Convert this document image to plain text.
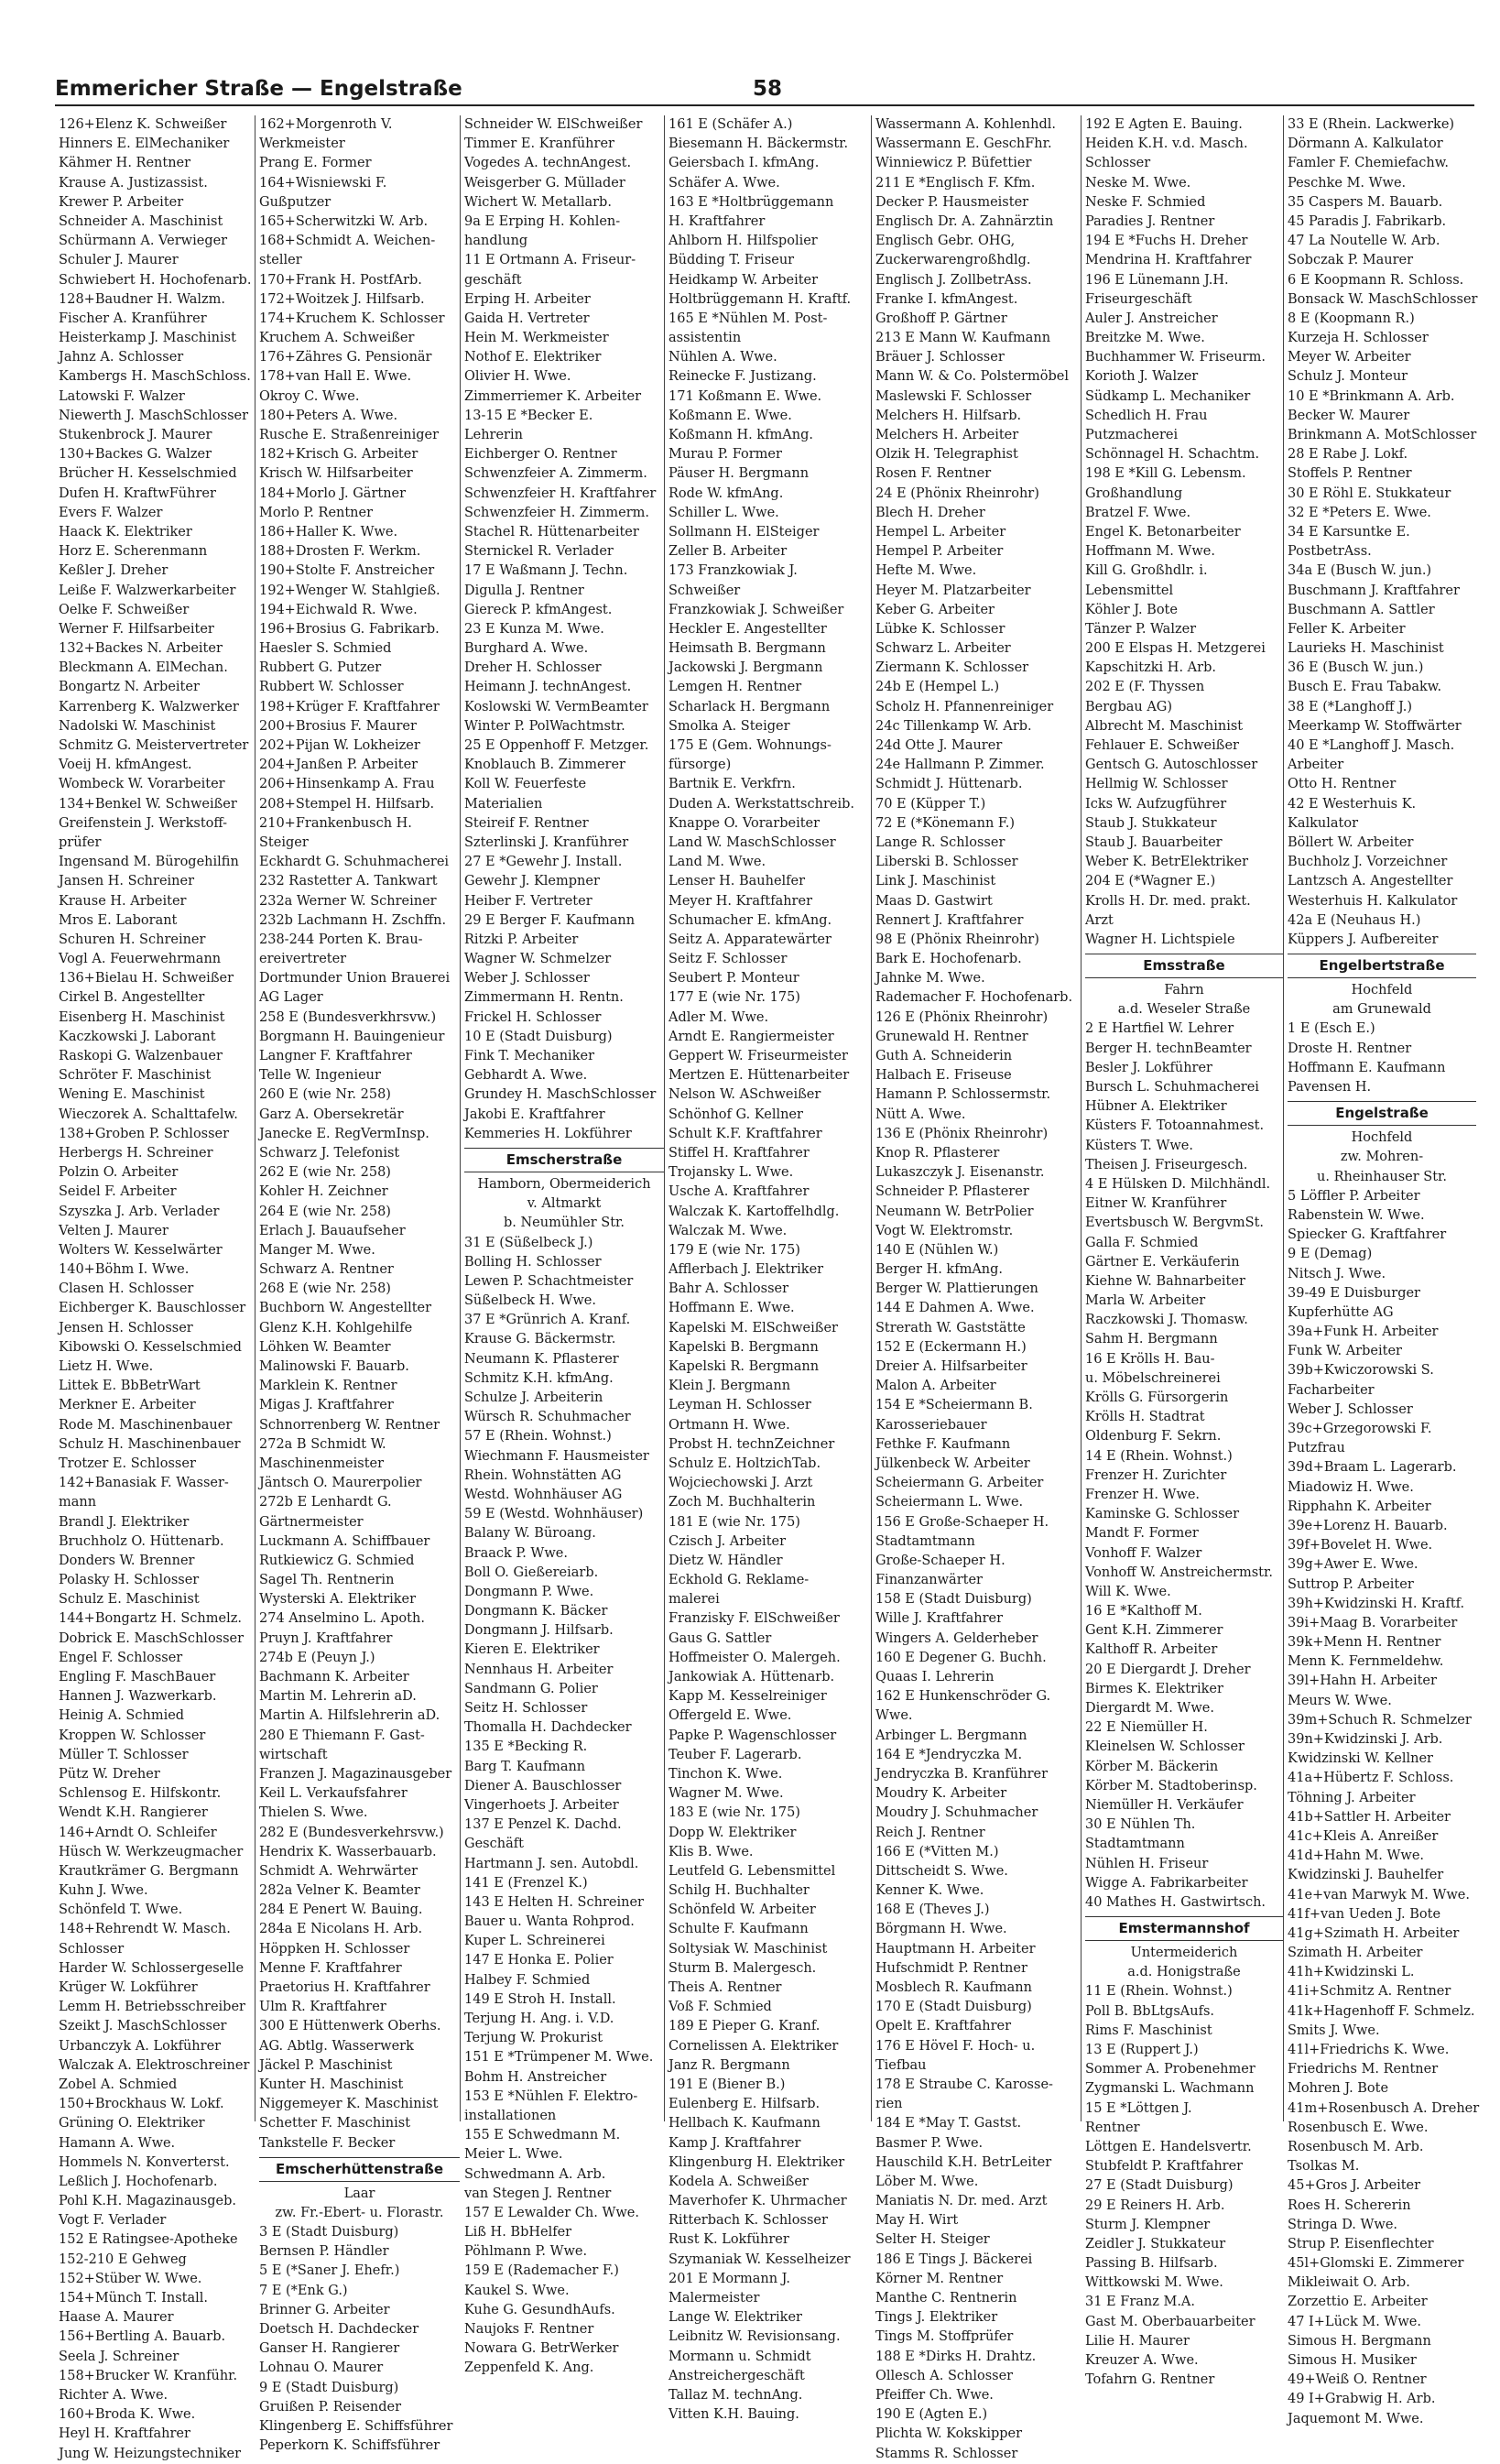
Emmericher Straße — Engelstraße	58
126+Elenz K. Schweißer
Hinners E. ElMechaniker
Kähmer H. Rentner
Krause A. Justizassist.
Krewer P. Arbeiter
Schneider A. Maschinist
Schürmann A. Verwieger
Schuler J. Maurer
Schwiebert H. Hochofenarb.
128+Baudner H. Walzm.
Fischer A. Kranführer
Heisterkamp J. Maschinist
Jahnz A. Schlosser
Kambergs H. MaschSchloss.
Latowski F. Walzer
Niewerth J. MaschSchlosser
Stukenbrock J. Maurer
130+Backes G. Walzer
Brücher H. Kesselschmied
Dufen H. KraftwFührer
Evers F. Walzer
Haack K. Elektriker
Horz E. Scherenmann
Keßler J. Dreher
Leiße F. Walzwerkarbeiter
Oelke F. Schweißer
Werner F. Hilfsarbeiter
132+Backes N. Arbeiter
Bleckmann A. ElMechan.
Bongartz N. Arbeiter
Karrenberg K. Walzwerker
Nadolski W. Maschinist
Schmitz G. Meistervertreter
Voeij H. kfmAngest.
Wombeck W. Vorarbeiter
134+Benkel W. Schweißer
Greifenstein J. Werkstoff-
prüfer
Ingensand M. Bürogehilfin
Jansen H. Schreiner
Krause H. Arbeiter
Mros E. Laborant
Schuren H. Schreiner
Vogl A. Feuerwehrmann
136+Bielau H. Schweißer
Cirkel B. Angestellter
Eisenberg H. Maschinist
Kaczkowski J. Laborant
Raskopi G. Walzenbauer
Schröter F. Maschinist
Wening E. Maschinist
Wieczorek A. Schalttafelw.
138+Groben P. Schlosser
Herbergs H. Schreiner
Polzin O. Arbeiter
Seidel F. Arbeiter
Szyszka J. Arb. Verlader
Velten J. Maurer
Wolters W. Kesselwärter
140+Böhm I. Wwe.
Clasen H. Schlosser
Eichberger K. Bauschlosser
Jensen H. Schlosser
Kibowski O. Kesselschmied
Lietz H. Wwe.
Littek E. BbBetrWart
Merkner E. Arbeiter
Rode M. Maschinenbauer
Schulz H. Maschinenbauer
Trotzer E. Schlosser
142+Banasiak F. Wasser-
mann
Brandl J. Elektriker
Bruchholz O. Hüttenarb.
Donders W. Brenner
Polasky H. Schlosser
Schulz E. Maschinist
144+Bongartz H. Schmelz.
Dobrick E. MaschSchlosser
Engel F. Schlosser
Engling F. MaschBauer
Hannen J. Wazwerkarb.
Heinig A. Schmied
Kroppen W. Schlosser
Müller T. Schlosser
Pütz W. Dreher
Schlensog E. Hilfskontr.
Wendt K.H. Rangierer
146+Arndt O. Schleifer
Hüsch W. Werkzeugmacher
Krautkrämer G. Bergmann
Kuhn J. Wwe.
Schönfeld T. Wwe.
148+Rehrendt W. Masch.
Schlosser
Harder W. Schlossergeselle
Krüger W. Lokführer
Lemm H. Betriebsschreiber
Szeikt J. MaschSchlosser
Urbanczyk A. Lokführer
Walczak A. Elektroschreiner
Zobel A. Schmied
150+Brockhaus W. Lokf.
Grüning O. Elektriker
Hamann A. Wwe.
Hommels N. Konverterst.
Leßlich J. Hochofenarb.
Pohl K.H. Magazinausgeb.
Vogt F. Verlader
152 E Ratingsee-Apotheke
152-210 E Gehweg
152+Stüber W. Wwe.
154+Münch T. Install.
Haase A. Maurer
156+Bertling A. Bauarb.
Seela J. Schreiner
158+Brucker W. Kranführ.
Richter A. Wwe.
160+Broda K. Wwe.
Heyl H. Kraftfahrer
Jung W. Heizungstechniker
162+Morgenroth V.
Werkmeister
Prang E. Former
164+Wisniewski F.
Gußputzer
165+Scherwitzki W. Arb.
168+Schmidt A. Weichen-
steller
170+Frank H. PostfArb.
172+Woitzek J. Hilfsarb.
174+Kruchem K. Schlosser
Kruchem A. Schweißer
176+Zähres G. Pensionär
178+van Hall E. Wwe.
Okroy C. Wwe.
180+Peters A. Wwe.
Rusche E. Straßenreiniger
182+Krisch G. Arbeiter
Krisch W. Hilfsarbeiter
184+Morlo J. Gärtner
Morlo P. Rentner
186+Haller K. Wwe.
188+Drosten F. Werkm.
190+Stolte F. Anstreicher
192+Wenger W. Stahlgieß.
194+Eichwald R. Wwe.
196+Brosius G. Fabrikarb.
Haesler S. Schmied
Rubbert G. Putzer
Rubbert W. Schlosser
198+Krüger F. Kraftfahrer
200+Brosius F. Maurer
202+Pijan W. Lokheizer
204+Janßen P. Arbeiter
206+Hinsenkamp A. Frau
208+Stempel H. Hilfsarb.
210+Frankenbusch H.
Steiger
Eckhardt G. Schuhmacherei
232 Rastetter A. Tankwart
232a Werner W. Schreiner
232b Lachmann H. Zschffn.
238-244 Porten K. Brau-
ereivertreter
Dortmunder Union Brauerei
AG Lager
258 E (Bundesverkhrsvw.)
Borgmann H. Bauingenieur
Langner F. Kraftfahrer
Telle W. Ingenieur
260 E (wie Nr. 258)
Garz A. Obersekretär
Janecke E. RegVermInsp.
Schwarz J. Telefonist
262 E (wie Nr. 258)
Kohler H. Zeichner
264 E (wie Nr. 258)
Erlach J. Bauaufseher
Manger M. Wwe.
Schwarz A. Rentner
268 E (wie Nr. 258)
Buchborn W. Angestellter
Glenz K.H. Kohlgehilfe
Löhken W. Beamter
Malinowski F. Bauarb.
Marklein K. Rentner
Migas J. Kraftfahrer
Schnorrenberg W. Rentner
272a B Schmidt W.
Maschinenmeister
Jäntsch O. Maurerpolier
272b E Lenhardt G.
Gärtnermeister
Luckmann A. Schiffbauer
Rutkiewicz G. Schmied
Sagel Th. Rentnerin
Wysterski A. Elektriker
274 Anselmino L. Apoth.
Pruyn J. Kraftfahrer
274b E (Peuyn J.)
Bachmann K. Arbeiter
Martin M. Lehrerin aD.
Martin A. Hilfslehrerin aD.
280 E Thiemann F. Gast-
wirtschaft
Franzen J. Magazinausgeber
Keil L. Verkaufsfahrer
Thielen S. Wwe.
282 E (Bundesverkehrsvw.)
Hendrix K. Wasserbauarb.
Schmidt A. Wehrwärter
282a Velner K. Beamter
284 E Penert W. Bauing.
284a E Nicolans H. Arb.
Höppken H. Schlosser
Menne F. Kraftfahrer
Praetorius H. Kraftfahrer
Ulm R. Kraftfahrer
300 E Hüttenwerk Oberhs.
AG. Abtlg. Wasserwerk
Jäckel P. Maschinist
Kunter H. Maschinist
Niggemeyer K. Maschinist
Schetter F. Maschinist
Tankstelle F. Becker
Emscherhüttenstraße
Laar
zw. Fr.-Ebert- u. Florastr.
3 E (Stadt Duisburg)
Bernsen P. Händler
5 E (*Saner J. Ehefr.)
7 E (*Enk G.)
Brinner G. Arbeiter
Doetsch H. Dachdecker
Ganser H. Rangierer
Lohnau O. Maurer
9 E (Stadt Duisburg)
Gruißen P. Reisender
Klingenberg E. Schiffsführer
Peperkorn K. Schiffsführer
Schneider W. ElSchweißer
Timmer E. Kranführer
Vogedes A. technAngest.
Weisgerber G. Müllader
Wichert W. Metallarb.
9a E Erping H. Kohlen-
handlung
11 E Ortmann A. Friseur-
geschäft
Erping H. Arbeiter
Gaida H. Vertreter
Hein M. Werkmeister
Nothof E. Elektriker
Olivier H. Wwe.
Zimmerriemer K. Arbeiter
13-15 E *Becker E.
Lehrerin
Eichberger O. Rentner
Schwenzfeier A. Zimmerm.
Schwenzfeier H. Kraftfahrer
Schwenzfeier H. Zimmerm.
Stachel R. Hüttenarbeiter
Sternickel R. Verlader
17 E Waßmann J. Techn.
Digulla J. Rentner
Giereck P. kfmAngest.
23 E Kunza M. Wwe.
Burghard A. Wwe.
Dreher H. Schlosser
Heimann J. technAngest.
Koslowski W. VermBeamter
Winter P. PolWachtmstr.
25 E Oppenhoff F. Metzger.
Knoblauch B. Zimmerer
Koll W. Feuerfeste
Materialien
Steireif F. Rentner
Szterlinski J. Kranführer
27 E *Gewehr J. Install.
Gewehr J. Klempner
Heiber F. Vertreter
29 E Berger F. Kaufmann
Ritzki P. Arbeiter
Wagner W. Schmelzer
Weber J. Schlosser
Zimmermann H. Rentn.
Frickel H. Schlosser
10 E (Stadt Duisburg)
Fink T. Mechaniker
Gebhardt A. Wwe.
Grundey H. MaschSchlosser
Jakobi E. Kraftfahrer
Kemmeries H. Lokführer
Emscherstraße
Hamborn, Obermeiderich
v. Altmarkt
b. Neumühler Str.
31 E (Süßelbeck J.)
Bolling H. Schlosser
Lewen P. Schachtmeister
Süßelbeck H. Wwe.
37 E *Grünrich A. Kranf.
Krause G. Bäckermstr.
Neumann K. Pflasterer
Schmitz K.H. kfmAng.
Schulze J. Arbeiterin
Würsch R. Schuhmacher
57 E (Rhein. Wohnst.)
Wiechmann F. Hausmeister
Rhein. Wohnstätten AG
Westd. Wohnhäuser AG
59 E (Westd. Wohnhäuser)
Balany W. Büroang.
Braack P. Wwe.
Boll O. Gießereiarb.
Dongmann P. Wwe.
Dongmann K. Bäcker
Dongmann J. Hilfsarb.
Kieren E. Elektriker
Nennhaus H. Arbeiter
Sandmann G. Polier
Seitz H. Schlosser
Thomalla H. Dachdecker
135 E *Becking R.
Barg T. Kaufmann
Diener A. Bauschlosser
Vingerhoets J. Arbeiter
137 E Penzel K. Dachd.
Geschäft
Hartmann J. sen. Autobdl.
141 E (Frenzel K.)
143 E Helten H. Schreiner
Bauer u. Wanta Rohprod.
Kuper L. Schreinerei
147 E Honka E. Polier
Halbey F. Schmied
149 E Stroh H. Install.
Terjung H. Ang. i. V.D.
Terjung W. Prokurist
151 E *Trümpener M. Wwe.
Bohm H. Anstreicher
153 E *Nühlen F. Elektro-
installationen
155 E Schwedmann M.
Meier L. Wwe.
Schwedmann A. Arb.
van Stegen J. Rentner
157 E Lewalder Ch. Wwe.
Liß H. BbHelfer
Pöhlmann P. Wwe.
159 E (Rademacher F.)
Kaukel S. Wwe.
Kuhe G. GesundhAufs.
Naujoks F. Rentner
Nowara G. BetrWerker
Zeppenfeld K. Ang.
161 E (Schäfer A.)
Biesemann H. Bäckermstr.
Geiersbach I. kfmAng.
Schäfer A. Wwe.
163 E *Holtbrüggemann
H. Kraftfahrer
Ahlborn H. Hilfspolier
Büdding T. Friseur
Heidkamp W. Arbeiter
Holtbrüggemann H. Kraftf.
165 E *Nühlen M. Post-
assistentin
Nühlen A. Wwe.
Reinecke F. Justizang.
171 Koßmann E. Wwe.
Koßmann E. Wwe.
Koßmann H. kfmAng.
Murau P. Former
Päuser H. Bergmann
Rode W. kfmAng.
Schiller L. Wwe.
Sollmann H. ElSteiger
Zeller B. Arbeiter
173 Franzkowiak J.
Schweißer
Franzkowiak J. Schweißer
Heckler E. Angestellter
Heimsath B. Bergmann
Jackowski J. Bergmann
Lemgen H. Rentner
Scharlack H. Bergmann
Smolka A. Steiger
175 E (Gem. Wohnungs-
fürsorge)
Bartnik E. Verkfrn.
Duden A. Werkstattschreib.
Knappe O. Vorarbeiter
Land W. MaschSchlosser
Land M. Wwe.
Lenser H. Bauhelfer
Meyer H. Kraftfahrer
Schumacher E. kfmAng.
Seitz A. Apparatewärter
Seitz F. Schlosser
Seubert P. Monteur
177 E (wie Nr. 175)
Adler M. Wwe.
Arndt E. Rangiermeister
Geppert W. Friseurmeister
Mertzen E. Hüttenarbeiter
Nelson W. ASchweißer
Schönhof G. Kellner
Schult K.F. Kraftfahrer
Stiffel H. Kraftfahrer
Trojansky L. Wwe.
Usche A. Kraftfahrer
Walczak K. Kartoffelhdlg.
Walczak M. Wwe.
179 E (wie Nr. 175)
Afflerbach J. Elektriker
Bahr A. Schlosser
Hoffmann E. Wwe.
Kapelski M. ElSchweißer
Kapelski B. Bergmann
Kapelski R. Bergmann
Klein J. Bergmann
Leyman H. Schlosser
Ortmann H. Wwe.
Probst H. technZeichner
Schulz E. HoltzichTab.
Wojciechowski J. Arzt
Zoch M. Buchhalterin
181 E (wie Nr. 175)
Czisch J. Arbeiter
Dietz W. Händler
Eckhold G. Reklame-
malerei
Franzisky F. ElSchweißer
Gaus G. Sattler
Hoffmeister O. Malergeh.
Jankowiak A. Hüttenarb.
Kapp M. Kesselreiniger
Offergeld E. Wwe.
Papke P. Wagenschlosser
Teuber F. Lagerarb.
Tinchon K. Wwe.
Wagner M. Wwe.
183 E (wie Nr. 175)
Dopp W. Elektriker
Klis B. Wwe.
Leutfeld G. Lebensmittel
Schilg H. Buchhalter
Schönfeld W. Arbeiter
Schulte F. Kaufmann
Soltysiak W. Maschinist
Sturm B. Malergesch.
Theis A. Rentner
Voß F. Schmied
189 E Pieper G. Kranf.
Cornelissen A. Elektriker
Janz R. Bergmann
191 E (Biener B.)
Eulenberg E. Hilfsarb.
Hellbach K. Kaufmann
Kamp J. Kraftfahrer
Klingenburg H. Elektriker
Kodela A. Schweißer
Maverhofer K. Uhrmacher
Ritterbach K. Schlosser
Rust K. Lokführer
Szymaniak W. Kesselheizer
201 E Mormann J.
Malermeister
Lange W. Elektriker
Leibnitz W. Revisionsang.
Mormann u. Schmidt
Anstreichergeschäft
Tallaz M. technAng.
Vitten K.H. Bauing.
Wassermann A. Kohlenhdl.
Wassermann E. GeschFhr.
Winniewicz P. Büfettier
211 E *Englisch F. Kfm.
Decker P. Hausmeister
Englisch Dr. A. Zahnärztin
Englisch Gebr. OHG,
Zuckerwarengroßhdlg.
Englisch J. ZollbetrAss.
Franke I. kfmAngest.
Großhoff P. Gärtner
213 E Mann W. Kaufmann
Bräuer J. Schlosser
Mann W. & Co. Polstermöbel
Maslewski F. Schlosser
Melchers H. Hilfsarb.
Melchers H. Arbeiter
Olzik H. Telegraphist
Rosen F. Rentner
24 E (Phönix Rheinrohr)
Blech H. Dreher
Hempel L. Arbeiter
Hempel P. Arbeiter
Hefte M. Wwe.
Heyer M. Platzarbeiter
Keber G. Arbeiter
Lübke K. Schlosser
Schwarz L. Arbeiter
Ziermann K. Schlosser
24b E (Hempel L.)
Scholz H. Pfannenreiniger
24c Tillenkamp W. Arb.
24d Otte J. Maurer
24e Hallmann P. Zimmer.
Schmidt J. Hüttenarb.
70 E (Küpper T.)
72 E (*Könemann F.)
Lange R. Schlosser
Liberski B. Schlosser
Link J. Maschinist
Maas D. Gastwirt
Rennert J. Kraftfahrer
98 E (Phönix Rheinrohr)
Bark E. Hochofenarb.
Jahnke M. Wwe.
Rademacher F. Hochofenarb.
126 E (Phönix Rheinrohr)
Grunewald H. Rentner
Guth A. Schneiderin
Halbach E. Friseuse
Hamann P. Schlossermstr.
Nütt A. Wwe.
136 E (Phönix Rheinrohr)
Knop R. Pflasterer
Lukaszczyk J. Eisenanstr.
Schneider P. Pflasterer
Neumann W. BetrPolier
Vogt W. Elektromstr.
140 E (Nühlen W.)
Berger H. kfmAng.
Berger W. Plattierungen
144 E Dahmen A. Wwe.
Strerath W. Gaststätte
152 E (Eckermann H.)
Dreier A. Hilfsarbeiter
Malon A. Arbeiter
154 E *Scheiermann B.
Karosseriebauer
Fethke F. Kaufmann
Jülkenbeck W. Arbeiter
Scheiermann G. Arbeiter
Scheiermann L. Wwe.
156 E Große-Schaeper H.
Stadtamtmann
Große-Schaeper H.
Finanzanwärter
158 E (Stadt Duisburg)
Wille J. Kraftfahrer
Wingers A. Gelderheber
160 E Degener G. Buchh.
Quaas I. Lehrerin
162 E Hunkenschröder G.
Wwe.
Arbinger L. Bergmann
164 E *Jendryczka M.
Jendryczka B. Kranführer
Moudry K. Arbeiter
Moudry J. Schuhmacher
Reich J. Rentner
166 E (*Vitten M.)
Dittscheidt S. Wwe.
Kenner K. Wwe.
168 E (Theves J.)
Börgmann H. Wwe.
Hauptmann H. Arbeiter
Hufschmidt P. Rentner
Mosblech R. Kaufmann
170 E (Stadt Duisburg)
Opelt E. Kraftfahrer
176 E Hövel F. Hoch- u.
Tiefbau
178 E Straube C. Karosse-
rien
184 E *May T. Gastst.
Basmer P. Wwe.
Hauschild K.H. BetrLeiter
Löber M. Wwe.
Maniatis N. Dr. med. Arzt
May H. Wirt
Selter H. Steiger
186 E Tings J. Bäckerei
Körner M. Rentner
Manthe C. Rentnerin
Tings J. Elektriker
Tings M. Stoffprüfer
188 E *Dirks H. Drahtz.
Ollesch A. Schlosser
Pfeiffer Ch. Wwe.
190 E (Agten E.)
Plichta W. Kokskipper
Stamms R. Schlosser
192 E Agten E. Bauing.
Heiden K.H. v.d. Masch.
Schlosser
Neske M. Wwe.
Neske F. Schmied
Paradies J. Rentner
194 E *Fuchs H. Dreher
Mendrina H. Kraftfahrer
196 E Lünemann J.H.
Friseurgeschäft
Auler J. Anstreicher
Breitzke M. Wwe.
Buchhammer W. Friseurm.
Korioth J. Walzer
Südkamp L. Mechaniker
Schedlich H. Frau
Putzmacherei
Schönnagel H. Schachtm.
198 E *Kill G. Lebensm.
Großhandlung
Bratzel F. Wwe.
Engel K. Betonarbeiter
Hoffmann M. Wwe.
Kill G. Großhdlr. i.
Lebensmittel
Köhler J. Bote
Tänzer P. Walzer
200 E Elspas H. Metzgerei
Kapschitzki H. Arb.
202 E (F. Thyssen
Bergbau AG)
Albrecht M. Maschinist
Fehlauer E. Schweißer
Gentsch G. Autoschlosser
Hellmig W. Schlosser
Icks W. Aufzugführer
Staub J. Stukkateur
Staub J. Bauarbeiter
Weber K. BetrElektriker
204 E (*Wagner E.)
Krolls H. Dr. med. prakt.
Arzt
Wagner H. Lichtspiele
Emsstraße
Fahrn
a.d. Weseler Straße
2 E Hartfiel W. Lehrer
Berger H. technBeamter
Besler J. Lokführer
Bursch L. Schuhmacherei
Hübner A. Elektriker
Küsters F. Totoannahmest.
Küsters T. Wwe.
Theisen J. Friseurgesch.
4 E Hülsken D. Milchhändl.
Eitner W. Kranführer
Evertsbusch W. BergvmSt.
Galla F. Schmied
Gärtner E. Verkäuferin
Kiehne W. Bahnarbeiter
Marla W. Arbeiter
Raczkowski J. Thomasw.
Sahm H. Bergmann
16 E Krölls H. Bau-
u. Möbelschreinerei
Krölls G. Fürsorgerin
Krölls H. Stadtrat
Oldenburg F. Sekrn.
14 E (Rhein. Wohnst.)
Frenzer H. Zurichter
Frenzer H. Wwe.
Kaminske G. Schlosser
Mandt F. Former
Vonhoff F. Walzer
Vonhoff W. Anstreichermstr.
Will K. Wwe.
16 E *Kalthoff M.
Gent K.H. Zimmerer
Kalthoff R. Arbeiter
20 E Diergardt J. Dreher
Birmes K. Elektriker
Diergardt M. Wwe.
22 E Niemüller H.
Kleinelsen W. Schlosser
Körber M. Bäckerin
Körber M. Stadtoberinsp.
Niemüller H. Verkäufer
30 E Nühlen Th.
Stadtamtmann
Nühlen H. Friseur
Wigge A. Fabrikarbeiter
40 Mathes H. Gastwirtsch.
Emstermannshof
Untermeiderich
a.d. Honigstraße
11 E (Rhein. Wohnst.)
Poll B. BbLtgsAufs.
Rims F. Maschinist
13 E (Ruppert J.)
Sommer A. Probenehmer
Zygmanski L. Wachmann
15 E *Löttgen J.
Rentner
Löttgen E. Handelsvertr.
Stubfeldt P. Kraftfahrer
27 E (Stadt Duisburg)
29 E Reiners H. Arb.
Sturm J. Klempner
Zeidler J. Stukkateur
Passing B. Hilfsarb.
Wittkowski M. Wwe.
31 E Franz M.A.
Gast M. Oberbauarbeiter
Lilie H. Maurer
Kreuzer A. Wwe.
Tofahrn G. Rentner
33 E (Rhein. Lackwerke)
Dörmann A. Kalkulator
Famler F. Chemiefachw.
Peschke M. Wwe.
35 Caspers M. Bauarb.
45 Paradis J. Fabrikarb.
47 La Noutelle W. Arb.
Sobczak P. Maurer
6 E Koopmann R. Schloss.
Bonsack W. MaschSchlosser
8 E (Koopmann R.)
Kurzeja H. Schlosser
Meyer W. Arbeiter
Schulz J. Monteur
10 E *Brinkmann A. Arb.
Becker W. Maurer
Brinkmann A. MotSchlosser
28 E Rabe J. Lokf.
Stoffels P. Rentner
30 E Röhl E. Stukkateur
32 E *Peters E. Wwe.
34 E Karsuntke E.
PostbetrAss.
34a E (Busch W. jun.)
Buschmann J. Kraftfahrer
Buschmann A. Sattler
Feller K. Arbeiter
Laurieks H. Maschinist
36 E (Busch W. jun.)
Busch E. Frau Tabakw.
38 E (*Langhoff J.)
Meerkamp W. Stoffwärter
40 E *Langhoff J. Masch.
Arbeiter
Otto H. Rentner
42 E Westerhuis K.
Kalkulator
Böllert W. Arbeiter
Buchholz J. Vorzeichner
Lantzsch A. Angestellter
Westerhuis H. Kalkulator
42a E (Neuhaus H.)
Küppers J. Aufbereiter
Engelbertstraße
Hochfeld
am Grunewald
1 E (Esch E.)
Droste H. Rentner
Hoffmann E. Kaufmann
Pavensen H.
Engelstraße
Hochfeld
zw. Mohren-
u. Rheinhauser Str.
5 Löffler P. Arbeiter
Rabenstein W. Wwe.
Spiecker G. Kraftfahrer
9 E (Demag)
Nitsch J. Wwe.
39-49 E Duisburger
Kupferhütte AG
39a+Funk H. Arbeiter
Funk W. Arbeiter
39b+Kwiczorowski S.
Facharbeiter
Weber J. Schlosser
39c+Grzegorowski F.
Putzfrau
39d+Braam L. Lagerarb.
Miadowiz H. Wwe.
Ripphahn K. Arbeiter
39e+Lorenz H. Bauarb.
39f+Bovelet H. Wwe.
39g+Awer E. Wwe.
Suttrop P. Arbeiter
39h+Kwidzinski H. Kraftf.
39i+Maag B. Vorarbeiter
39k+Menn H. Rentner
Menn K. Fernmeldehw.
39l+Hahn H. Arbeiter
Meurs W. Wwe.
39m+Schuch R. Schmelzer
39n+Kwidzinski J. Arb.
Kwidzinski W. Kellner
41a+Hübertz F. Schloss.
Töhning J. Arbeiter
41b+Sattler H. Arbeiter
41c+Kleis A. Anreißer
41d+Hahn M. Wwe.
Kwidzinski J. Bauhelfer
41e+van Marwyk M. Wwe.
41f+van Ueden J. Bote
41g+Szimath H. Arbeiter
Szimath H. Arbeiter
41h+Kwidzinski L.
41i+Schmitz A. Rentner
41k+Hagenhoff F. Schmelz.
Smits J. Wwe.
41l+Friedrichs K. Wwe.
Friedrichs M. Rentner
Mohren J. Bote
41m+Rosenbusch A. Dreher
Rosenbusch E. Wwe.
Rosenbusch M. Arb.
Tsolkas M.
45+Gros J. Arbeiter
Roes H. Schererin
Stringa D. Wwe.
Strup P. Eisenflechter
45l+Glomski E. Zimmerer
Mikleiwait O. Arb.
Zorzettio E. Arbeiter
47 I+Lück M. Wwe.
Simous H. Bergmann
Simous H. Musiker
49+Weiß O. Rentner
49 I+Grabwig H. Arb.
Jaquemont M. Wwe.
